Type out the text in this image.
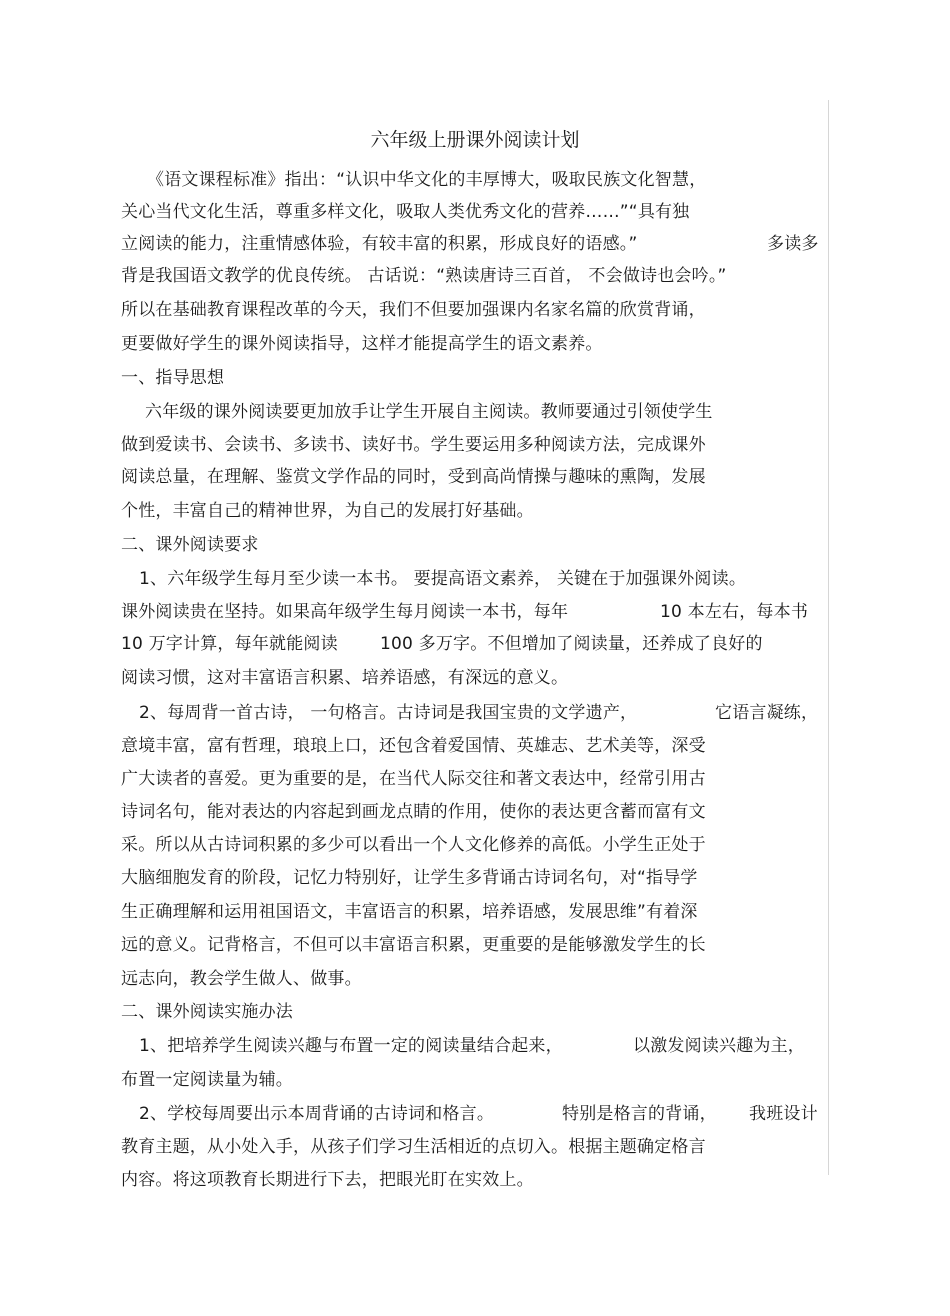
六年级上册课外阅读计划
《语文课程标准》指出：“认识中华文化的丰厚博大，吸取民族文化智慧，
关心当代文化生活，尊重多样文化，吸取人类优秀文化的营养……”“具有独
立阅读的能力，注重情感体验，有较丰富的积累，形成良好的语感。”	多读多
背是我国语文教学的优良传统。 古话说：“熟读唐诗三百首， 不会做诗也会吟。”
所以在基础教育课程改革的今天，我们不但要加强课内名家名篇的欣赏背诵，
更要做好学生的课外阅读指导，这样才能提高学生的语文素养。
一、指导思想
六年级的课外阅读要更加放手让学生开展自主阅读。教师要通过引领使学生
做到爱读书、会读书、多读书、读好书。学生要运用多种阅读方法，完成课外
阅读总量，在理解、鉴赏文学作品的同时，受到高尚情操与趣味的熏陶，发展
个性，丰富自己的精神世界，为自己的发展打好基础。
二、课外阅读要求
1、六年级学生每月至少读一本书。 要提高语文素养， 关键在于加强课外阅读。
课外阅读贵在坚持。如果高年级学生每月阅读一本书，每年	10 本左右，每本书
10 万字计算，每年就能阅读 100 多万字。不但增加了阅读量，还养成了良好的
阅读习惯，这对丰富语言积累、培养语感，有深远的意义。
2、每周背一首古诗， 一句格言。古诗词是我国宝贵的文学遗产，	它语言凝练，
意境丰富，富有哲理，琅琅上口，还包含着爱国情、英雄志、艺术美等，深受
广大读者的喜爱。更为重要的是，在当代人际交往和著文表达中，经常引用古
诗词名句，能对表达的内容起到画龙点睛的作用，使你的表达更含蓄而富有文
采。所以从古诗词积累的多少可以看出一个人文化修养的高低。小学生正处于
大脑细胞发育的阶段，记忆力特别好，让学生多背诵古诗词名句，对“指导学
生正确理解和运用祖国语文，丰富语言的积累，培养语感，发展思维”有着深
远的意义。记背格言，不但可以丰富语言积累，更重要的是能够激发学生的长
远志向，教会学生做人、做事。
二、课外阅读实施办法
1、把培养学生阅读兴趣与布置一定的阅读量结合起来，	以激发阅读兴趣为主，
布置一定阅读量为辅。
2、学校每周要出示本周背诵的古诗词和格言。	特别是格言的背诵， 我班设计
教育主题，从小处入手，从孩子们学习生活相近的点切入。根据主题确定格言
内容。将这项教育长期进行下去，把眼光盯在实效上。
